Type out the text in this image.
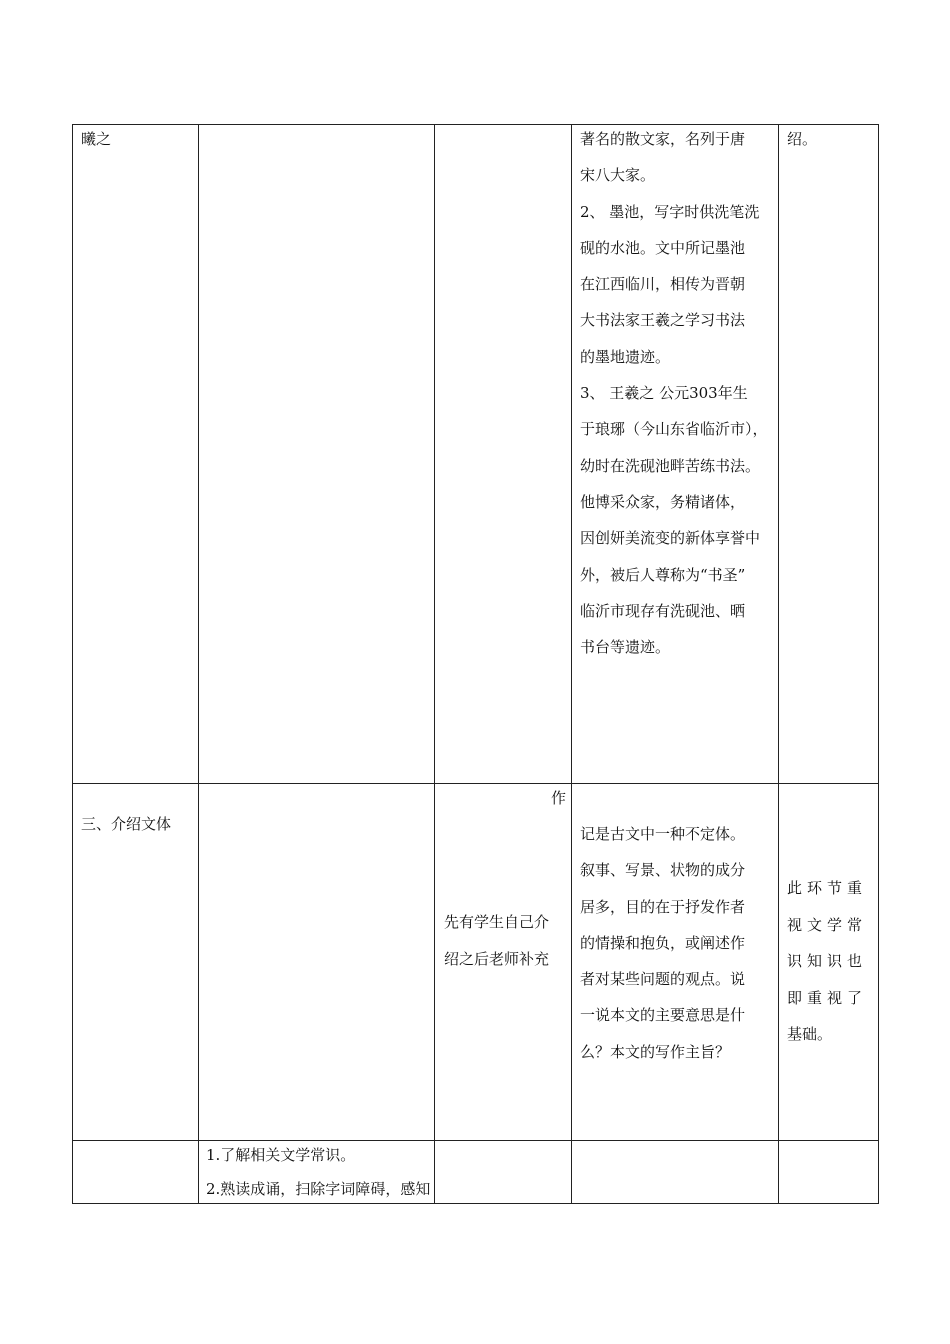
曦之	著名的散文家，名列于唐
宋八大家。
2、 墨池，写字时供洗笔洗
砚的水池。文中所记墨池
在江西临川，相传为晋朝
大书法家王羲之学习书法
的墨地遗迹。
3、 王羲之 公元303年生
于琅琊（今山东省临沂市），
幼时在洗砚池畔苦练书法。
他博采众家，务精诸体，
因创妍美流变的新体享誉中
外，被后人尊称为“书圣”
临沂市现存有洗砚池、晒
书台等遗迹。
绍。
三、介绍文体
作
先有学生自己介
绍之后老师补充
记是古文中一种不定体。
叙事、写景、状物的成分
居多，目的在于抒发作者
的情操和抱负，或阐述作
者对某些问题的观点。说
一说本文的主要意思是什
么？本文的写作主旨？
此环节重
视文学常
识知识也
即重视了
基础。
1.了解相关文学常识。
2.熟读成诵，扫除字词障碍，感知
